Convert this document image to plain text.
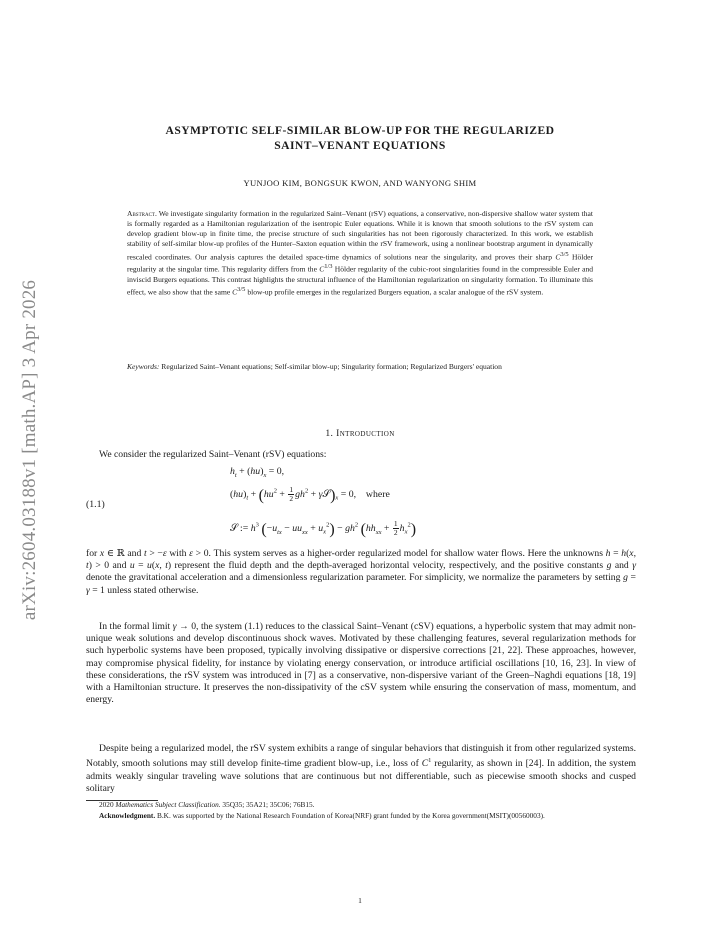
arXiv:2604.03188v1 [math.AP] 3 Apr 2026
ASYMPTOTIC SELF-SIMILAR BLOW-UP FOR THE REGULARIZED
SAINT–VENANT EQUATIONS
YUNJOO KIM, BONGSUK KWON, AND WANYONG SHIM
Abstract. We investigate singularity formation in the regularized Saint–Venant (rSV) equations, a conservative, non-dispersive shallow water system that is formally regarded as a Hamiltonian regularization of the isentropic Euler equations. While it is known that smooth solutions to the rSV system can develop gradient blow-up in finite time, the precise structure of such singularities has not been rigorously characterized. In this work, we establish stability of self-similar blow-up profiles of the Hunter–Saxton equation within the rSV framework, using a nonlinear bootstrap argument in dynamically rescaled coordinates. Our analysis captures the detailed space-time dynamics of solutions near the singularity, and proves their sharp $C^{3/5}$ Hölder regularity at the singular time. This regularity differs from the $C^{1/3}$ Hölder regularity of the cubic-root singularities found in the compressible Euler and inviscid Burgers equations. This contrast highlights the structural influence of the Hamiltonian regularization on singularity formation. To illuminate this effect, we also show that the same $C^{3/5}$ blow-up profile emerges in the regularized Burgers equation, a scalar analogue of the rSV system.
Keywords: Regularized Saint–Venant equations; Self-similar blow-up; Singularity formation; Regularized Burgers' equation
1. Introduction
We consider the regularized Saint–Venant (rSV) equations:
(1.1)
$h_t + (hu)_x = 0$,
$(hu)_t + (hu^2 + \frac{1}{2} gh^2$ + $\gamma 𝒮)_x = 0$,    where
𝒮 := $h^3$ $(-u_{tx} - uu_{xx} + u_x^2) - gh^2$ $(hh_{xx} + \frac{1}{2} h_x^2)$
for x ∈ ℝ and t > −ε with ε > 0. This system serves as a higher-order regularized model for shallow water flows. Here the unknowns h = h(x, t) > 0 and u = u(x, t) represent the fluid depth and the depth-averaged horizontal velocity, respectively, and the positive constants g and γ denote the gravitational acceleration and a dimensionless regularization parameter. For simplicity, we normalize the parameters by setting g = γ = 1 unless stated otherwise.
In the formal limit γ → 0, the system (1.1) reduces to the classical Saint–Venant (cSV) equations, a hyperbolic system that may admit non-unique weak solutions and develop discontinuous shock waves. Motivated by these challenging features, several regularization methods for such hyperbolic systems have been proposed, typically involving dissipative or dispersive corrections [21, 22]. These approaches, however, may compromise physical fidelity, for instance by violating energy conservation, or introduce artificial oscillations [10, 16, 23]. In view of these considerations, the rSV system was introduced in [7] as a conservative, non-dispersive variant of the Green–Naghdi equations [18, 19] with a Hamiltonian structure. It preserves the non-dissipativity of the cSV system while ensuring the conservation of mass, momentum, and energy.
Despite being a regularized model, the rSV system exhibits a range of singular behaviors that distinguish it from other regularized systems. Notably, smooth solutions may still develop finite-time gradient blow-up, i.e., loss of $C^1$ regularity, as shown in [24]. In addition, the system admits weakly singular traveling wave solutions that are continuous but not differentiable, such as piecewise smooth shocks and cusped solitary
2020 Mathematics Subject Classification. 35Q35; 35A21; 35C06; 76B15.
Acknowledgment. B.K. was supported by the National Research Foundation of Korea(NRF) grant funded by the Korea government(MSIT)(00560003).
1
